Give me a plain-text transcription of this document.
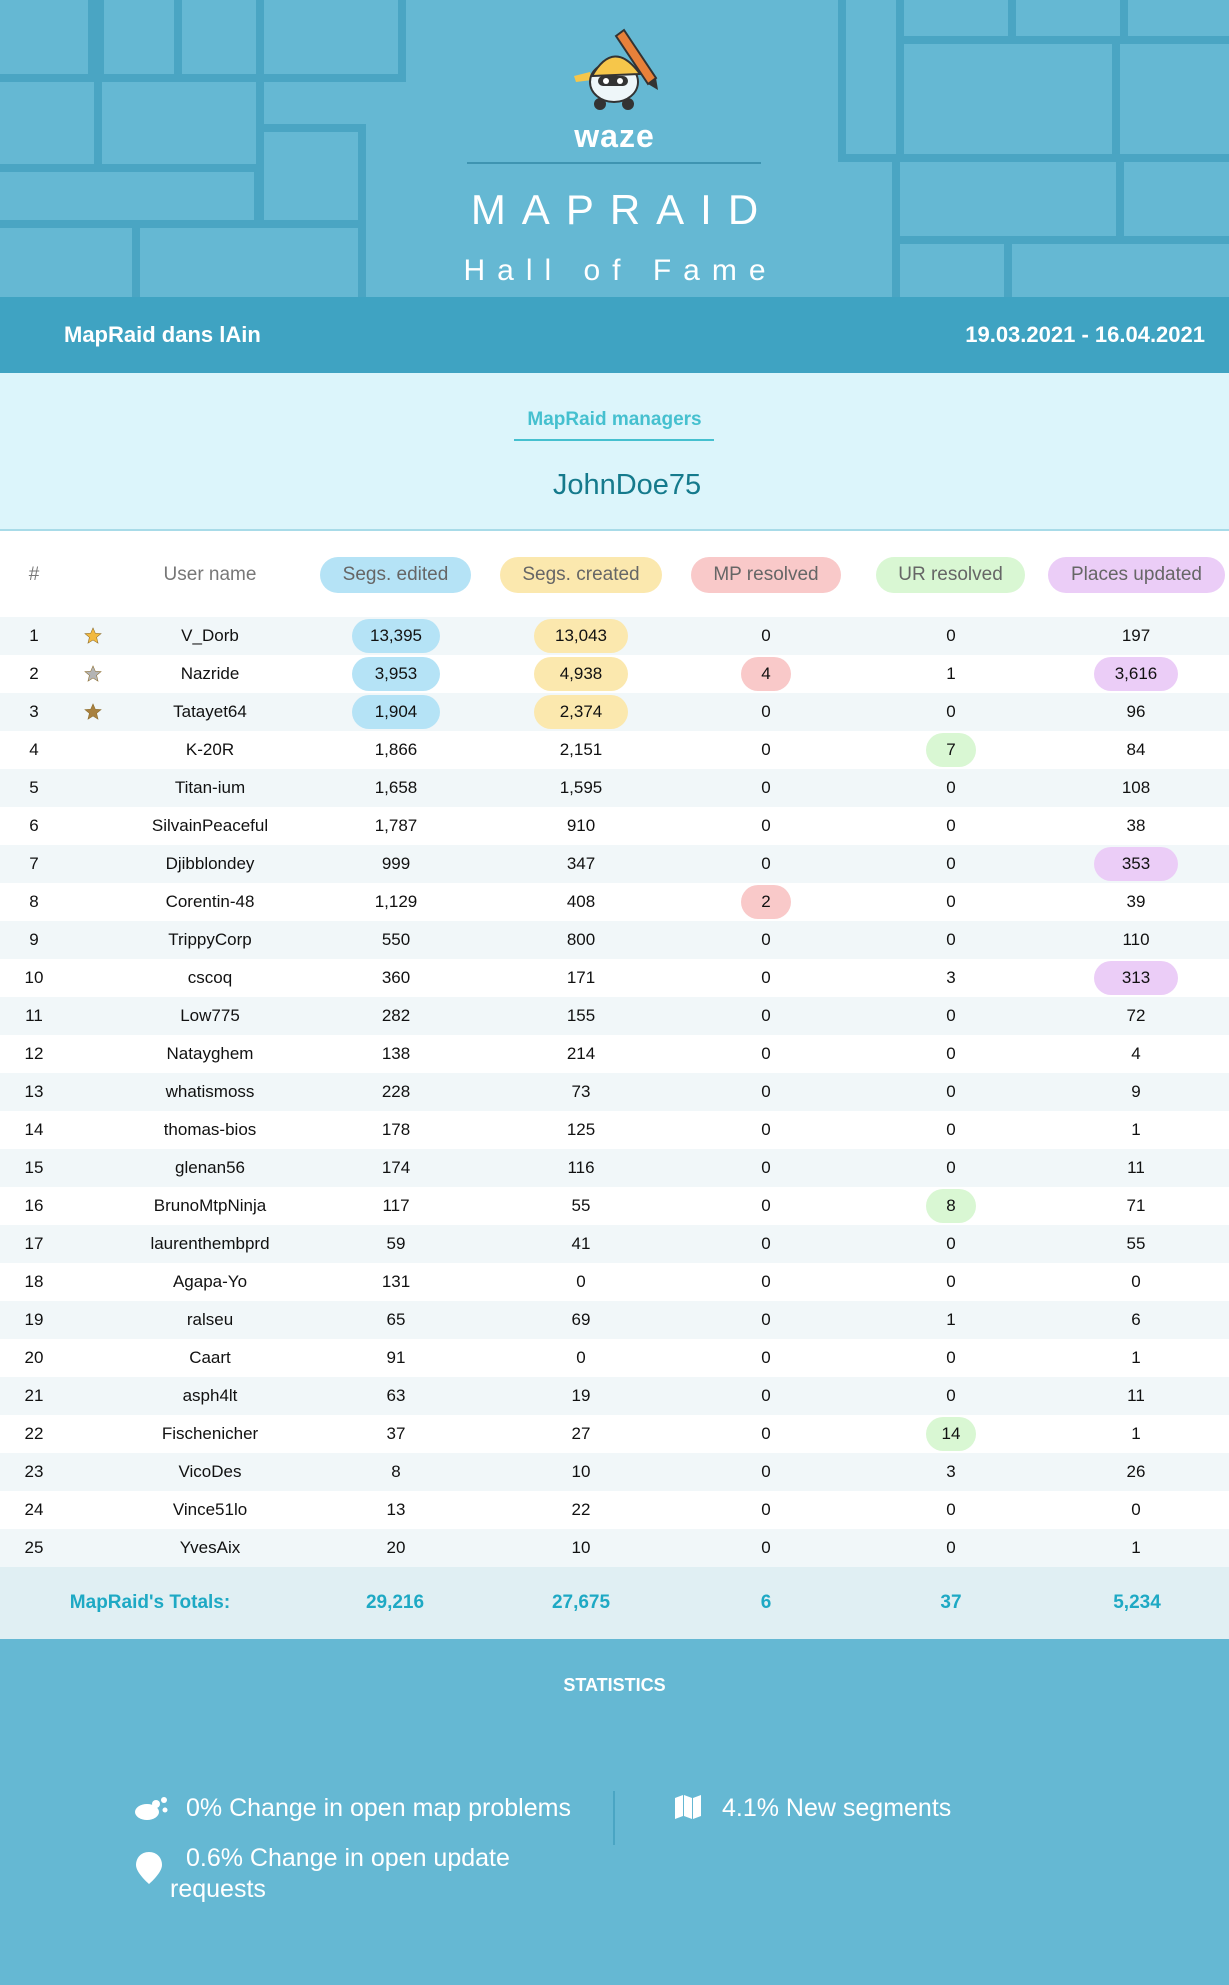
waze
MAPRAID
Hall of Fame
MapRaid dans lAin	19.03.2021 - 16.04.2021
MapRaid managers
JohnDoe75
#	User name	Segs. edited	Segs. created	MP resolved	UR resolved	Places updated
1	V_Dorb	13,395	13,043	0	0	197
2	Nazride	3,953	4,938	4	1	3,616
3	Tatayet64	1,904	2,374	0	0	96
4	K-20R	1,866	2,151	0	7	84
5	Titan-ium	1,658	1,595	0	0	108
6	SilvainPeaceful	1,787	910	0	0	38
7	Djibblondey	999	347	0	0	353
8	Corentin-48	1,129	408	2	0	39
9	TrippyCorp	550	800	0	0	110
10	cscoq	360	171	0	3	313
11	Low775	282	155	0	0	72
12	Natayghem	138	214	0	0	4
13	whatismoss	228	73	0	0	9
14	thomas-bios	178	125	0	0	1
15	glenan56	174	116	0	0	11
16	BrunoMtpNinja	117	55	0	8	71
17	laurenthembprd	59	41	0	0	55
18	Agapa-Yo	131	0	0	0	0
19	ralseu	65	69	0	1	6
20	Caart	91	0	0	0	1
21	asph4lt	63	19	0	0	11
22	Fischenicher	37	27	0	14	1
23	VicoDes	8	10	0	3	26
24	Vince51lo	13	22	0	0	0
25	YvesAix	20	10	0	0	1
MapRaid's Totals:	29,216	27,675	6	37	5,234
STATISTICS
0% Change in open map problems	4.1% New segments
0.6% Change in open update
requests
